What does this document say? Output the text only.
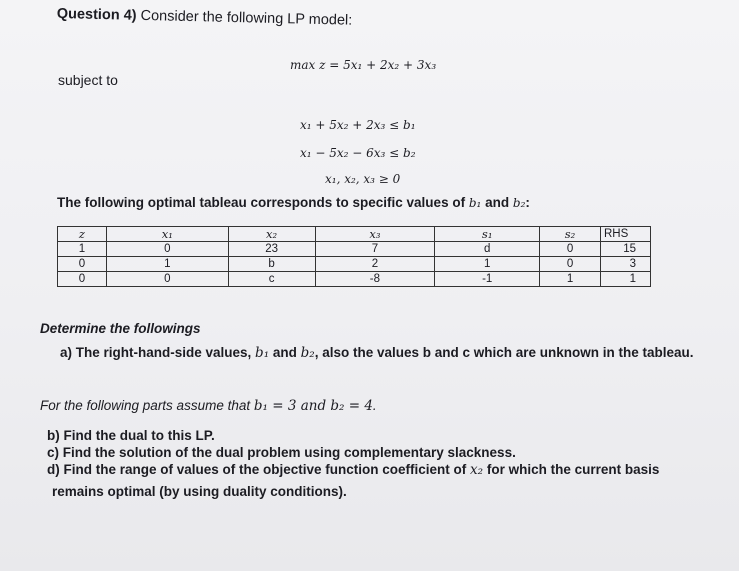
Question 4) Consider the following LP model:
max z = 5x₁ + 2x₂ + 3x₃
subject to
x₁ + 5x₂ + 2x₃ ≤ b₁
x₁ − 5x₂ − 6x₃ ≤ b₂
x₁, x₂, x₃ ≥ 0
The following optimal tableau corresponds to specific values of b₁ and b₂:
z	x₁	x₂	x₃	s₁	s₂	RHS
1	0	23	7	d	0	15
0	1	b	2	1	0	3
0	0	c	-8	-1	1	1
Determine the followings
a) The right-hand-side values, b₁ and b₂, also the values b and c which are unknown in the tableau.
For the following parts assume that b₁ = 3 and b₂ = 4.
b) Find the dual to this LP.
c) Find the solution of the dual problem using complementary slackness.
d) Find the range of values of the objective function coefficient of x₂ for which the current basis
remains optimal (by using duality conditions).
